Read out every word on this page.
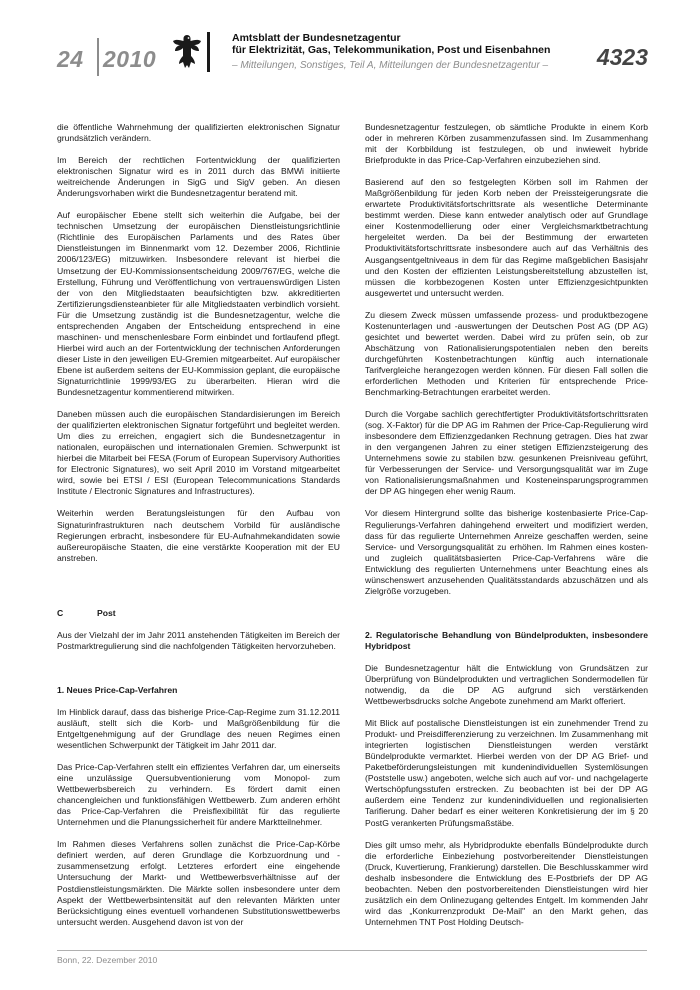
24 2010
Amtsblatt der Bundesnetzagentur
für Elektrizität, Gas, Telekommunikation, Post und Eisenbahnen
– Mitteilungen, Sonstiges, Teil A, Mitteilungen der Bundesnetzagentur – 4323

die öffentliche Wahrnehmung der qualifizierten elektronischen Signatur grundsätzlich verändern.

Im Bereich der rechtlichen Fortentwicklung der qualifizierten elektronischen Signatur wird es in 2011 durch das BMWi initiierte weitreichende Änderungen in SigG und SigV geben. An diesen Änderungsvorhaben wirkt die Bundesnetzagentur beratend mit.

Auf europäischer Ebene stellt sich weiterhin die Aufgabe, bei der technischen Umsetzung der europäischen Dienstleistungsrichtlinie (Richtlinie des Europäischen Parlaments und des Rates über Dienstleistungen im Binnenmarkt vom 12. Dezember 2006, Richtlinie 2006/123/EG) mitzuwirken. Insbesondere relevant ist hierbei die Umsetzung der EU-Kommissionsentscheidung 2009/767/EG, welche die Erstellung, Führung und Veröffentlichung von vertrauenswürdigen Listen der von den Mitgliedstaaten beaufsichtigten bzw. akkreditierten Zertifizierungsdiensteanbieter für alle Mitgliedstaaten verbindlich vorsieht. Für die Umsetzung zuständig ist die Bundesnetzagentur, welche die entsprechenden Angaben der Entscheidung entsprechend in eine maschinen- und menschenlesbare Form einbindet und fortlaufend pflegt. Hierbei wird auch an der Fortentwicklung der technischen Anforderungen dieser Liste in den jeweiligen EU-Gremien mitgearbeitet. Auf europäischer Ebene ist außerdem seitens der EU-Kommission geplant, die europäische Signaturrichtlinie 1999/93/EG zu überarbeiten. Hieran wird die Bundesnetzagentur kommentierend mitwirken.

Daneben müssen auch die europäischen Standardisierungen im Bereich der qualifizierten elektronischen Signatur fortgeführt und begleitet werden. Um dies zu erreichen, engagiert sich die Bundesnetzagentur in nationalen, europäischen und internationalen Gremien. Schwerpunkt ist hierbei die Mitarbeit bei FESA (Forum of European Supervisory Authorities for Electronic Signatures), wo seit April 2010 im Vorstand mitgearbeitet wird, sowie bei ETSI / ESI (European Telecommunications Standards Institute / Electronic Signatures and Infrastructures).

Weiterhin werden Beratungsleistungen für den Aufbau von Signaturinfrastrukturen nach deutschem Vorbild für ausländische Regierungen erbracht, insbesondere für EU-Aufnahmekandidaten sowie außereuropäische Staaten, die eine verstärkte Kooperation mit der EU anstreben.

C	Post

Aus der Vielzahl der im Jahr 2011 anstehenden Tätigkeiten im Bereich der Postmarktregulierung sind die nachfolgenden Tätigkeiten hervorzuheben.

1. Neues Price-Cap-Verfahren

Im Hinblick darauf, dass das bisherige Price-Cap-Regime zum 31.12.2011 ausläuft, stellt sich die Korb- und Maßgrößenbildung für die Entgeltgenehmigung auf der Grundlage des neuen Regimes einen wesentlichen Schwerpunkt der Tätigkeit im Jahr 2011 dar.

Das Price-Cap-Verfahren stellt ein effizientes Verfahren dar, um einerseits eine unzulässige Quersubventionierung vom Monopol- zum Wettbewerbsbereich zu verhindern. Es fördert damit einen chancengleichen und funktionsfähigen Wettbewerb. Zum anderen erhöht das Price-Cap-Verfahren die Preisflexibilität für das regulierte Unternehmen und die Planungssicherheit für andere Marktteilnehmer.

Im Rahmen dieses Verfahrens sollen zunächst die Price-Cap-Körbe definiert werden, auf deren Grundlage die Korbzuordnung und -zusammensetzung erfolgt. Letzteres erfordert eine eingehende Untersuchung der Markt- und Wettbewerbsverhältnisse auf der Postdienstleistungsmärkten. Die Märkte sollen insbesondere unter dem Aspekt der Wettbewerbsintensität auf den relevanten Märkten unter Berücksichtigung eines eventuell vorhandenen Substitutionswettbewerbs untersucht werden. Ausgehend davon ist von der

Bundesnetzagentur festzulegen, ob sämtliche Produkte in einem Korb oder in mehreren Körben zusammenzufassen sind. Im Zusammenhang mit der Korbbildung ist festzulegen, ob und inwieweit hybride Briefprodukte in das Price-Cap-Verfahren einzubeziehen sind.

Basierend auf den so festgelegten Körben soll im Rahmen der Maßgrößenbildung für jeden Korb neben der Preissteigerungsrate die erwartete Produktivitätsfortschrittsrate als wesentliche Determinante bestimmt werden. Diese kann entweder analytisch oder auf Grundlage einer Kostenmodellierung oder einer Vergleichsmarktbetrachtung hergeleitet werden. Da bei der Bestimmung der erwarteten Produktivitätsfortschrittsrate insbesondere auch auf das Verhältnis des Ausgangsentgeltniveaus in dem für das Regime maßgeblichen Basisjahr und den Kosten der effizienten Leistungsbereitstellung abzustellen ist, müssen die korbbezogenen Kosten unter Effizienzgesichtpunkten ausgewertet und untersucht werden.

Zu diesem Zweck müssen umfassende prozess- und produktbezogene Kostenunterlagen und -auswertungen der Deutschen Post AG (DP AG) gesichtet und bewertet werden. Dabei wird zu prüfen sein, ob zur Abschätzung von Rationalisierungspotentialen neben den bereits durchgeführten Kostenbetrachtungen künftig auch internationale Tarifvergleiche herangezogen werden können. Für diesen Fall sollen die erforderlichen Methoden und Kriterien für entsprechende Price-Benchmarking-Betrachtungen erarbeitet werden.

Durch die Vorgabe sachlich gerechtfertigter Produktivitätsfortschrittsraten (sog. X-Faktor) für die DP AG im Rahmen der Price-Cap-Regulierung wird insbesondere dem Effizienzgedanken Rechnung getragen. Dies hat zwar in den vergangenen Jahren zu einer stetigen Effizienzsteigerung des Unternehmens sowie zu stabilen bzw. gesunkenen Preisniveau geführt, für Verbesserungen der Service- und Versorgungsqualität war im Zuge von Rationalisierungsmaßnahmen und Kosteneinsparungsprogrammen der DP AG hingegen eher wenig Raum.

Vor diesem Hintergrund sollte das bisherige kostenbasierte Price-Cap-Regulierungs-Verfahren dahingehend erweitert und modifiziert werden, dass für das regulierte Unternehmen Anreize geschaffen werden, seine Service- und Versorgungsqualität zu erhöhen. Im Rahmen eines kosten- und zugleich qualitätsbasierten Price-Cap-Verfahrens wäre die Entwicklung des regulierten Unternehmens unter Beachtung eines als wünschenswert anzusehenden Qualitätsstandards abzuschätzen und als Zielgröße vorzugeben.

2. Regulatorische Behandlung von Bündelprodukten, insbesondere Hybridpost

Die Bundesnetzagentur hält die Entwicklung von Grundsätzen zur Überprüfung von Bündelprodukten und vertraglichen Sondermodellen für notwendig, da die DP AG aufgrund sich verstärkenden Wettbewerbsdrucks solche Angebote zunehmend am Markt offeriert.

Mit Blick auf postalische Dienstleistungen ist ein zunehmender Trend zu Produkt- und Preisdifferenzierung zu verzeichnen. Im Zusammenhang mit integrierten logistischen Dienstleistungen werden verstärkt Bündelprodukte vermarktet. Hierbei werden von der DP AG Brief- und Paketbeförderungsleistungen mit kundenindividuellen Systemlösungen (Poststelle usw.) angeboten, welche sich auch auf vor- und nachgelagerte Wertschöpfungsstufen erstrecken. Zu beobachten ist bei der DP AG außerdem eine Tendenz zur kundenindividuellen und regionalisierten Tarifierung. Daher bedarf es einer weiteren Konkretisierung der im § 20 PostG verankerten Prüfungsmaßstäbe.

Dies gilt umso mehr, als Hybridprodukte ebenfalls Bündelprodukte durch die erforderliche Einbeziehung postvorbereitender Dienstleistungen (Druck, Kuvertierung, Frankierung) darstellen. Die Beschlusskammer wird deshalb insbesondere die Entwicklung des E-Postbriefs der DP AG beobachten. Neben den postvorbereitenden Dienstleistungen wird hier zusätzlich ein dem Onlinezugang geltendes Entgelt. Im kommenden Jahr wird das „Konkurrenzprodukt De-Mail" an den Markt gehen, das Unternehmen TNT Post Holding Deutsch-

Bonn, 22. Dezember 2010
